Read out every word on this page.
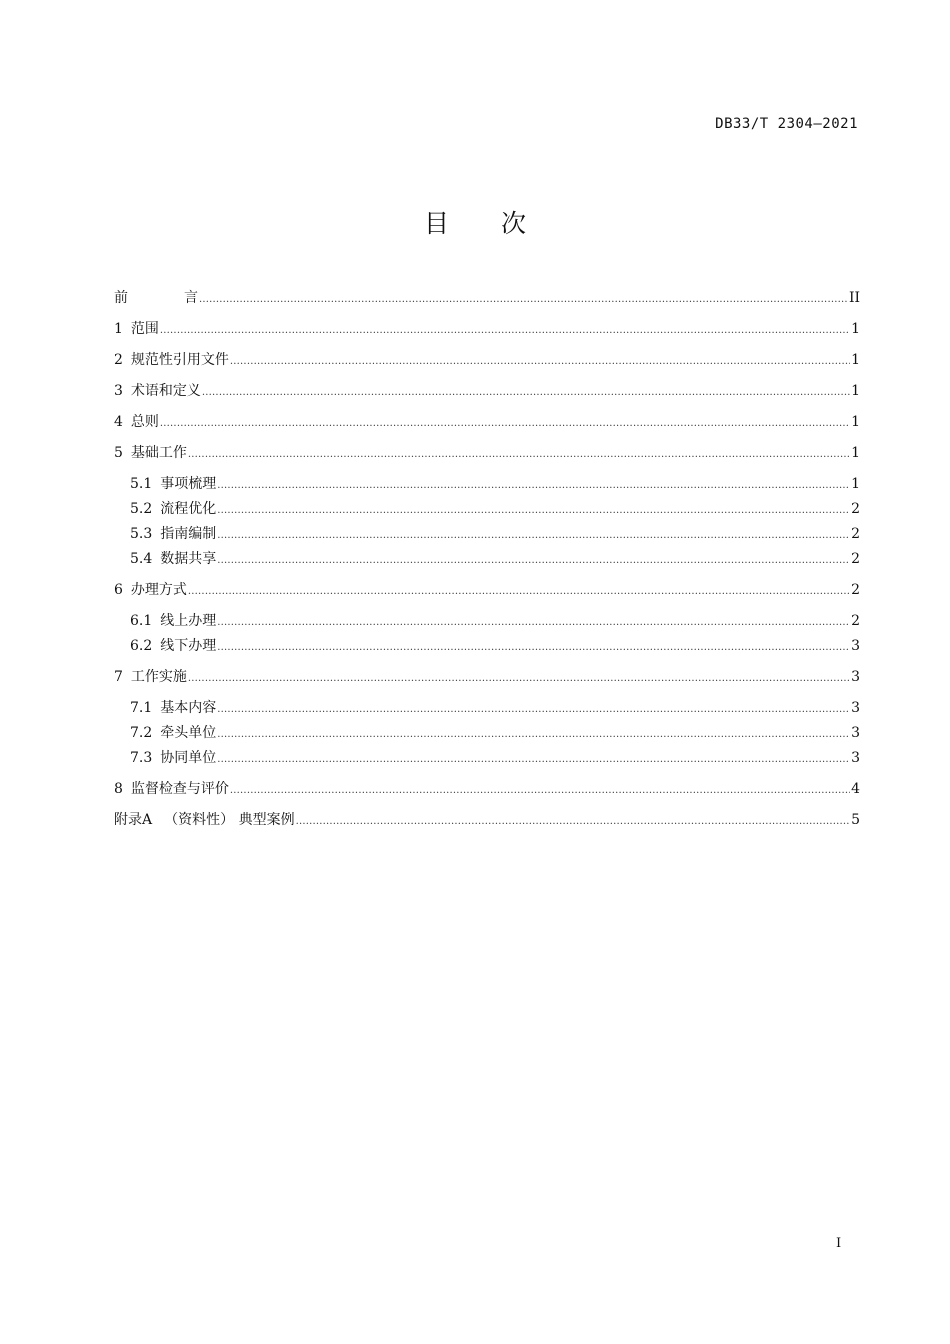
DB33/T 2304—2021
目 次
前	言 .....	II
1 范围 .....	1
2 规范性引用文件 .....	1
3 术语和定义 .....	1
4 总则 .....	1
5 基础工作 .....	1
5.1 事项梳理 .....	1
5.2 流程优化 .....	2
5.3 指南编制 .....	2
5.4 数据共享 .....	2
6 办理方式 .....	2
6.1 线上办理 .....	2
6.2 线下办理 .....	3
7 工作实施 .....	3
7.1 基本内容 .....	3
7.2 牵头单位 .....	3
7.3 协同单位 .....	3
8 监督检查与评价 .....	4
附录A （资料性） 典型案例 .....	5
I
